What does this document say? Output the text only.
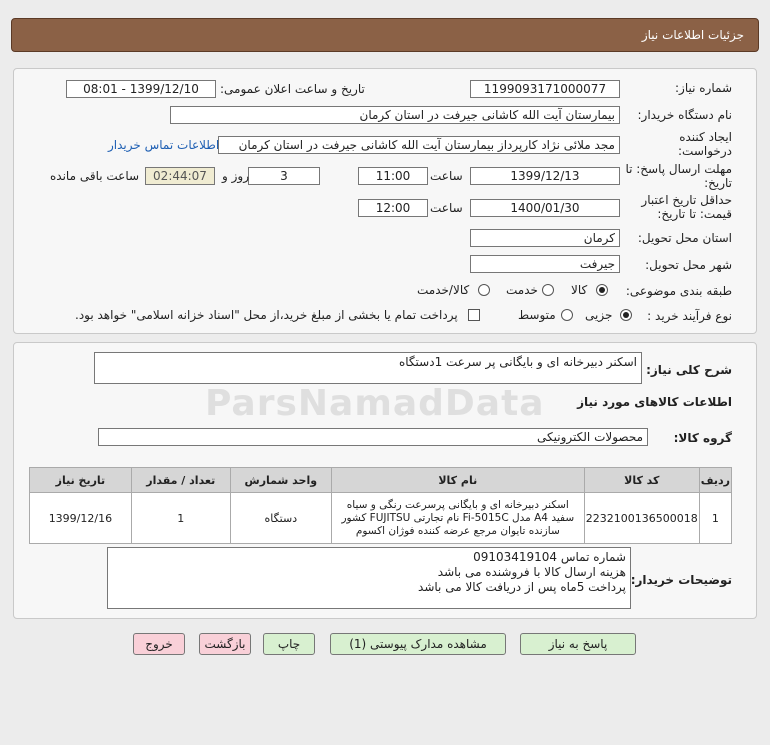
جزئیات اطلاعات نیاز
شماره نیاز:
1199093171000077
تاریخ و ساعت اعلان عمومی:
1399/12/10 - 08:01
نام دستگاه خریدار:
بیمارستان آیت الله کاشانی جیرفت در استان کرمان
ایجاد کننده درخواست:
مجد ملائی نژاد کارپرداز بیمارستان آیت الله کاشانی جیرفت در استان کرمان
اطلاعات تماس خریدار
مهلت ارسال پاسخ: تا تاریخ:
1399/12/13
ساعت
11:00
3
روز و
02:44:07
ساعت باقی مانده
حداقل تاریخ اعتبار قیمت: تا تاریخ:
1400/01/30
ساعت
12:00
استان محل تحویل:
کرمان
شهر محل تحویل:
جیرفت
طبقه بندی موضوعی:
کالا
خدمت
کالا/خدمت
نوع فرآیند خرید :
جزیی
متوسط
پرداخت تمام یا بخشی از مبلغ خرید،از محل "اسناد خزانه اسلامی" خواهد بود.
شرح کلی نیاز:
اسکنر دبیرخانه ای و بایگانی پر سرعت 1دستگاه
اطلاعات کالاهای مورد نیاز
گروه کالا:
محصولات الکترونیکی
ردیف	کد کالا	نام کالا	واحد شمارش	تعداد / مقدار	تاریخ نیاز
1	2232100136500018	اسکنر دبیرخانه ای و بایگانی پرسرعت رنگی و سیاه سفید A4 مدل Fi-5015C نام تجارتی FUJITSU کشور سازنده تایوان مرجع عرضه کننده فوژان اکسوم	دستگاه	1	1399/12/16
توضیحات خریدار:
شماره تماس 09103419104
هزینه ارسال کالا با فروشنده می باشد
پرداخت 5ماه پس از دریافت کالا می باشد
پاسخ به نیاز
مشاهده مدارک پیوستی (1)
چاپ
بازگشت
خروج
ParsNamadData
